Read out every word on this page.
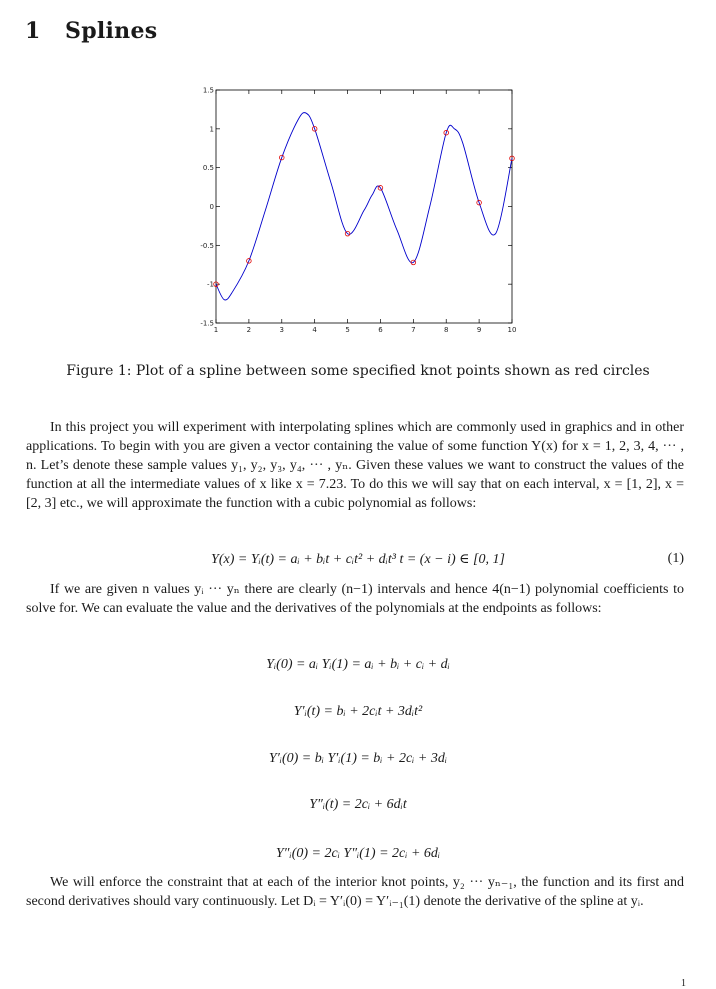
1 Splines
1.5
1
0.5
0
-0.5
-1
-1.5
1	2	3	4	5	6	7	8	9	10
Figure 1: Plot of a spline between some specified knot points shown as red circles

In this project you will experiment with interpolating splines which are commonly used in graphics and in other applications. To begin with you are given a vector containing the value of some function Y(x) for x = 1, 2, 3, 4, ··· , n. Let’s denote these sample values y₁, y₂, y₃, y₄, ··· , yₙ. Given these values we want to construct the values of the function at all the intermediate values of x like x = 7.23. To do this we will say that on each interval, x = [1, 2], x = [2, 3] etc., we will approximate the function with a cubic polynomial as follows:

Y(x) = Yᵢ(t) = aᵢ + bᵢt + cᵢt² + dᵢt³ t = (x − i) ∈ [0, 1]	(1)

If we are given n values yᵢ ··· yₙ there are clearly (n−1) intervals and hence 4(n−1) polynomial coefficients to solve for. We can evaluate the value and the derivatives of the polynomials at the endpoints as follows:

Yᵢ(0) = aᵢ Yᵢ(1) = aᵢ + bᵢ + cᵢ + dᵢ
Y′ᵢ(t) = bᵢ + 2cᵢt + 3dᵢt²
Y′ᵢ(0) = bᵢ Y′ᵢ(1) = bᵢ + 2cᵢ + 3dᵢ
Y″ᵢ(t) = 2cᵢ + 6dᵢt
Y″ᵢ(0) = 2cᵢ Y″ᵢ(1) = 2cᵢ + 6dᵢ

We will enforce the constraint that at each of the interior knot points, y₂ ··· yₙ₋₁, the function and its first and second derivatives should vary continuously. Let Dᵢ = Y′ᵢ(0) = Y′ᵢ₋₁(1) denote the derivative of the spline at yᵢ.

1
